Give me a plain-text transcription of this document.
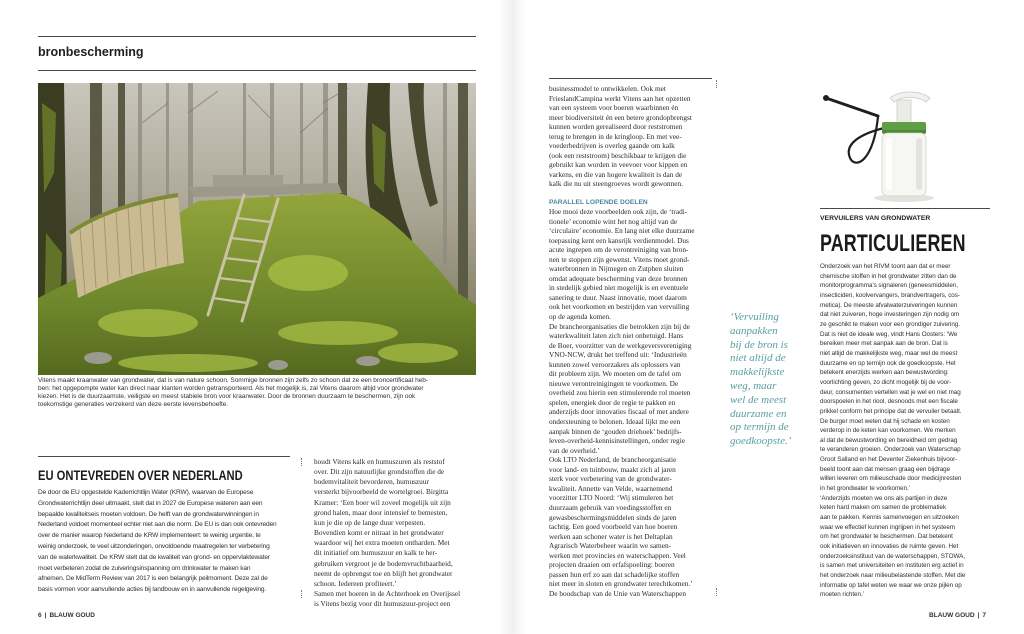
bronbescherming
Vitens maakt kraanwater van grondwater, dat is van nature schoon. Sommige bronnen zijn zelfs zo schoon dat ze een broncertificaat heb-
ben: het opgepompte water kan direct naar klanten worden getransporteerd. Als het mogelijk is, zal Vitens daarom altijd voor grondwater
kiezen. Het is de duurzaamste, veiligste en meest stabiele bron voor kraanwater. Door de bronnen duurzaam te beschermen, zijn ook
toekomstige generaties verzekerd van deze eerste levensbehoefte.
EU ONTEVREDEN OVER NEDERLAND
De door de EU opgestelde Kaderrichtlijn Water (KRW), waarvan de Europese
Grondwaterrichtlijn deel uitmaakt, stelt dat in 2027 de Europese wateren aan een
bepaalde kwaliteitseis moeten voldoen. De helft van de grondwaterwinningen in
Nederland voldoet momenteel echter niet aan die norm. De EU is dan ook ontevreden
over de manier waarop Nederland de KRW implementeert: te weinig urgentie, te
weinig onderzoek, te veel uitzonderingen, onvoldoende maatregelen ter verbetering
van de waterkwaliteit. De KRW stelt dat de kwaliteit van grond- en oppervlaktewater
moet verbeteren zodat de zuiveringsinspanning om drinkwater te maken kan
afnemen. De MidTerm Review van 2017 is een belangrijk peilmoment. Deze zal de
basis vormen voor aanvullende acties bij landbouw en in aanvullende regelgeving.
houdt Vitens kalk en humuszuren als reststof
over. Dit zijn natuurlijke grondstoffen die de
bodemvitaliteit bevorderen, humuszuur
versterkt bijvoorbeeld de wortelgroei. Birgitta
Kramer: ‘Een boer wil zoveel mogelijk uit zijn
grond halen, maar door intensief te bemesten,
kun je die op de lange duur verpesten.
Bovendien komt er nitraat in het grondwater
waardoor wij het extra moeten ontharden. Met
dit initiatief om humuszuur en kalk te her-
gebruiken vergroot je de bodemvruchtbaarheid,
neemt de opbrengst toe en blijft het grondwater
schoon. Iedereen profiteert.’
Samen met boeren in de Achterhoek en Overijssel
is Vitens bezig voor dit humuszuur-project een
6 | BLAUW GOUD
businessmodel te ontwikkelen. Ook met
FrieslandCampina werkt Vitens aan het opzetten
van een systeem voor boeren waarbinnen én
meer biodiversiteit én een betere grondopbrengst
kunnen worden gerealiseerd door reststromen
terug te brengen in de kringloop. En met vee-
voederbedrijven is overleg gaande om kalk
(ook een reststroom) beschikbaar te krijgen die
gebruikt kan worden in veevoer voor kippen en
varkens, en die van hogere kwaliteit is dan de
kalk die nu uit steengroeves wordt gewonnen.
PARALLEL LOPENDE DOELEN
Hoe mooi deze voorbeelden ook zijn, de ‘tradi-
tionele’ economie wint het nog altijd van de
‘circulaire’ economie. En lang niet elke duurzame
toepassing kent een kansrijk verdienmodel. Dus
acute ingrepen om de verontreiniging van bron-
nen te stoppen zijn gewenst. Vitens moet grond-
waterbronnen in Nijmegen en Zutphen sluiten
omdat adequate bescherming van deze bronnen
in stedelijk gebied niet mogelijk is en eventuele
sanering te duur. Naast innovatie, moet daarom
ook het voorkomen en bestrijden van vervuiling
op de agenda komen.
De brancheorganisaties die betrokken zijn bij de
waterkwaliteit laten zich niet onbetuigd. Hans
de Boer, voorzitter van de werkgeversvereniging
VNO-NCW, drukt het treffend uit: ‘Industrieën
kunnen zowel veroorzakers als oplossers van
dit probleem zijn. We moeten om de tafel om
nieuwe verontreinigingen te voorkomen. De
overheid zou hierin een stimulerende rol moeten
spelen, energiek door de regie te pakken en
anderzijds door innovaties fiscaal of met andere
ondersteuning te belonen. Ideaal lijkt me een
aanpak binnen de ‘gouden driehoek’ bedrijfs-
leven-overheid-kennisinstellingen, onder regie
van de overheid.’
Ook LTO Nederland, de brancheorganisatie
voor land- en tuinbouw, maakt zich al jaren
sterk voor verbetering van de grondwater-
kwaliteit. Annette van Velde, waarnemend
voorzitter LTO Noord: ‘Wij stimuleren het
duurzaam gebruik van voedingsstoffen en
gewasbeschermingsmiddelen sinds de jaren
tachtig. Een goed voorbeeld van hoe boeren
werken aan schoner water is het Deltaplan
Agrarisch Waterbeheer waarin we samen-
werken met provincies en waterschappen. Veel
projecten draaien om erfafspoeling: boeren
passen hun erf zo aan dat schadelijke stoffen
niet meer in sloten en grondwater terechtkomen.’
De boodschap van de Unie van Waterschappen
‘Vervuiling
aanpakken
bij de bron is
niet altijd de
makkelijkste
weg, maar
wel de meest
duurzame en
op termijn de
goedkoopste.’
VERVUILERS VAN GRONDWATER
PARTICULIEREN
Onderzoek van het RIVM toont aan dat er meer
chemische stoffen in het grondwater zitten dan de
monitorprogramma’s signaleren (geneesmiddelen,
insecticiden, koolvervangers, brandvertragers, cos-
metica). De meeste afvalwaterzuiveringen kunnen
dat niet zuiveren, hoge investeringen zijn nodig om
ze geschikt te maken voor een grondiger zuivering.
Dat is niet de ideale weg, vindt Hans Oosters: ‘We
bereiken meer met aanpak aan de bron. Dat is
niet altijd de makkelijkste weg, maar wel de meest
duurzame en op termijn ook de goedkoopste. Het
betekent enerzijds werken aan bewustwording:
voorlichting geven, zo dicht mogelijk bij de voor-
deur, consumenten vertellen wat je wel en niet mag
doorspoelen in het riool, desnoods met een fiscale
prikkel conform het principe dat de vervuiler betaalt.
De burger moet weten dat hij schade en kosten
verderop in de keten kan voorkomen. We merken
al dat de bewustwording en bereidheid om gedrag
te veranderen groeien. Onderzoek van Waterschap
Groot Salland en het Deventer Ziekenhuis bijvoor-
beeld toont aan dat mensen graag een bijdrage
willen leveren om milieuschade door medicijnresten
in het grondwater te voorkomen.’
‘Anderzijds moeten we ons als partijen in deze
keten hard maken om samen de problematiek
aan te pakken. Kennis samenvoegen en uitzoeken
waar we effectief kunnen ingrijpen in het systeem
om het grondwater te beschermen. Dat betekent
ook initiatieven en innovaties de ruimte geven. Het
onderzoeksinstituut van de waterschappen, STOWA,
is samen met universiteiten en instituten erg actief in
het onderzoek naar milieubelastende stoffen. Met die
informatie op tafel weten we waar we onze pijlen op
moeten richten.’
BLAUW GOUD | 7
